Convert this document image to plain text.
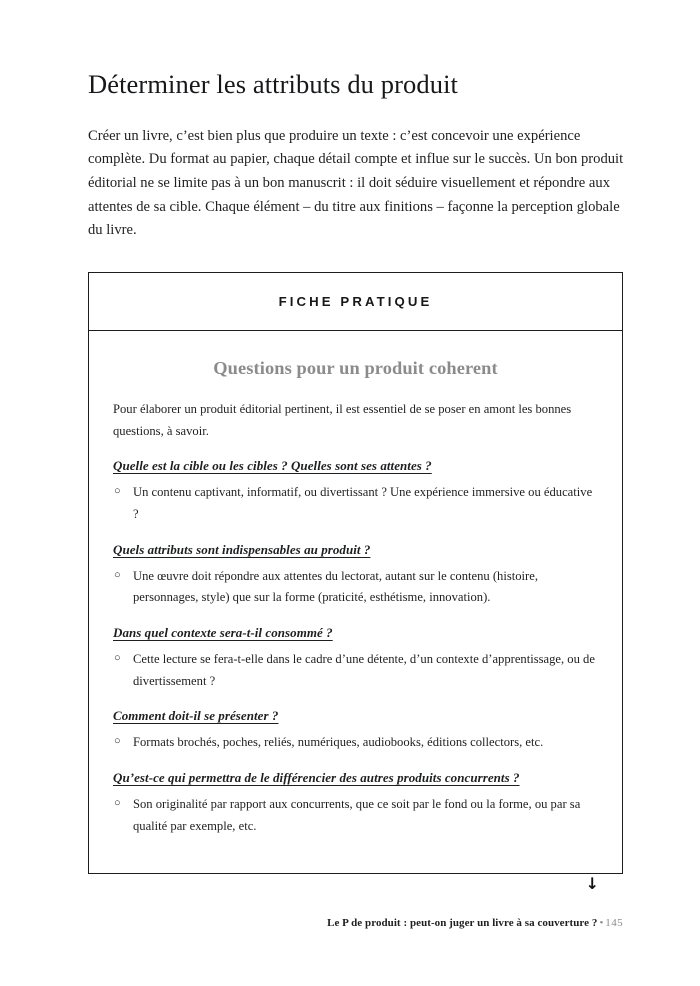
Déterminer les attributs du produit

Créer un livre, c’est bien plus que produire un texte : c’est concevoir une expérience complète. Du format au papier, chaque détail compte et influe sur le succès. Un bon produit éditorial ne se limite pas à un bon manuscrit : il doit séduire visuellement et répondre aux attentes de sa cible. Chaque élément – du titre aux finitions – façonne la perception globale du livre.

FICHE PRATIQUE
Questions pour un produit coherent

Pour élaborer un produit éditorial pertinent, il est essentiel de se poser en amont les bonnes questions, à savoir.

Quelle est la cible ou les cibles ? Quelles sont ses attentes ?
○ Un contenu captivant, informatif, ou divertissant ? Une expérience immersive ou éducative ?
Quels attributs sont indispensables au produit ?
○ Une œuvre doit répondre aux attentes du lectorat, autant sur le contenu (histoire, personnages, style) que sur la forme (praticité, esthétisme, innovation).
Dans quel contexte sera-t-il consommé ?
○ Cette lecture se fera-t-elle dans le cadre d’une détente, d’un contexte d’apprentissage, ou de divertissement ?
Comment doit-il se présenter ?
○ Formats brochés, poches, reliés, numériques, audiobooks, éditions collectors, etc.
Qu’est-ce qui permettra de le différencier des autres produits concurrents ?
○ Son originalité par rapport aux concurrents, que ce soit par le fond ou la forme, ou par sa qualité par exemple, etc.
↓
Le P de produit : peut-on juger un livre à sa couverture ? • 145
